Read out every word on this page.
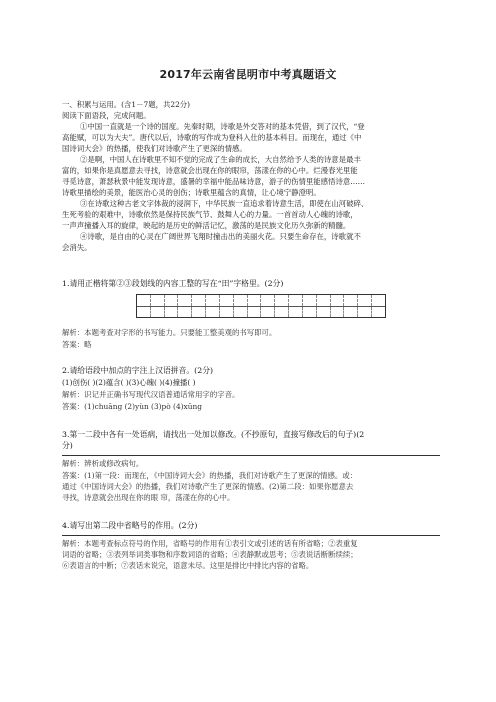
2017年云南省昆明市中考真题语文
一、积累与运用。(含1－7题，共22分)
阅读下面语段，完成问题。
①中国一直就是一个诗的国度。先秦时期，诗歌是外交答对的基本凭借，到了汉代，“登
高能赋，可以为大夫”。唐代以后，诗歌的写作成为登科入仕的基本科目。而现在，通过《中
国诗词大会》的热播，使我们对诗歌产生了更深的情感。
②是啊，中国人在诗歌里不知不觉的完成了生命的成长，大自然给予人类的诗意是最丰
富的，如果你是真愿意去寻找，诗意就会出现在你的眼帘，荡漾在你的心中。烂漫春光里能
寻觅诗意，萧瑟秋景中能发现诗意，盛暑的幸福中能品味诗意，游子的伤情里能感悟诗意……
诗歌里描绘的美景，能医治心灵的创伤；诗歌里蕴含的真情，让心境宁静澄明。
③在诗歌这种古老文字体裁的浸润下，中华民族一直追求着诗意生活，即使在山河破碎、
生死考验的艰难中，诗歌依然是保持民族气节、鼓舞人心的力量。一首首动人心魄的诗歌，
一声声撞播入耳的旋律，映起的是历史的鲜活记忆，激荡的是民族文化历久弥新的精髓。
④诗歌，是自由的心灵在广阔世界飞翔时撞击出的美丽火花。只要生命存在，诗歌就不
会消失。
1.请用正楷将第②③段划线的内容工整的写在“田”字格里。(2分)
解析：本题考查对字形的书写能力。只要能工整美观的书写即可。
答案：略
2.请给语段中加点的字注上汉语拼音。(2分)
(1)创伤( )(2)蕴含( )(3)心魄( )(4)撞播( )
解析：识记并正确书写现代汉语普通话常用字的字音。
答案：(1)chuāng (2)yùn (3)pò (4)xūng
3.第一二段中各有一处语病，请找出一处加以修改。(不抄原句，直接写修改后的句子)(2
分)
解析：辨析或修改病句。
答案：(1)第一段：而现在，《中国诗词大会》的热播，我们对诗歌产生了更深的情感。或：
通过《中国诗词大会》的热播，我们对诗歌产生了更深的情感。(2)第二段：如果你愿意去
寻找，诗意就会出现在你的眼 帘，荡漾在你的心中。
4.请写出第二段中省略号的作用。(2分)
解析：本题考查标点符号的作用，省略号的作用有①表引文或引述的话有所省略；②表重复
词语的省略；③表列举词类事物和序数词语的省略；④表静默或思考；⑤表说话断断续续；
⑥表语言的中断；⑦表话未说完，语意未尽。这里是排比中排比内容的省略。
